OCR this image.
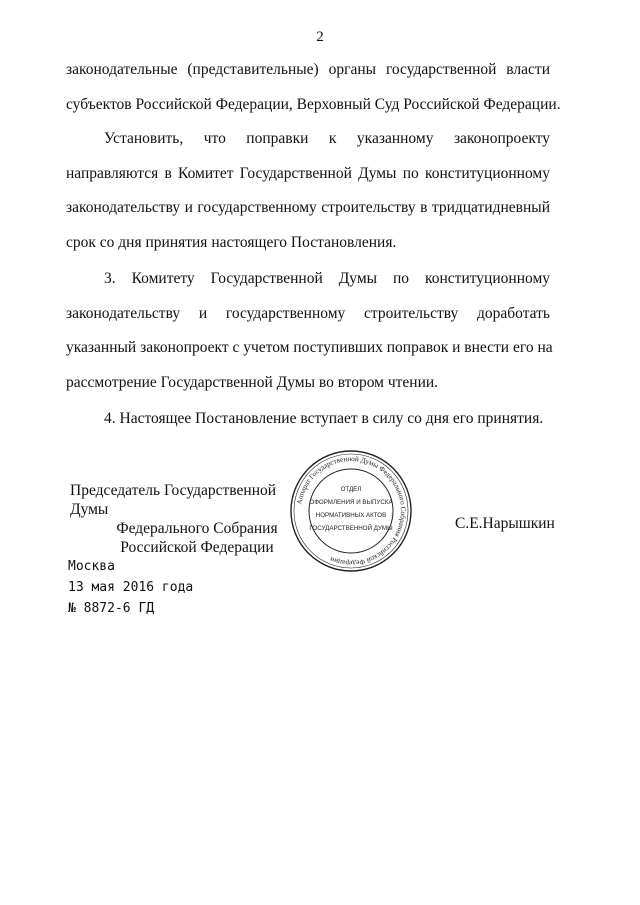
2
законодательные (представительные) органы государственной власти
субъектов Российской Федерации, Верховный Суд Российской Федерации.
Установить, что поправки к указанному законопроекту
направляются в Комитет Государственной Думы по конституционному
законодательству и государственному строительству в тридцатидневный
срок со дня принятия настоящего Постановления.
3. Комитету Государственной Думы по конституционному
законодательству и государственному строительству доработать
указанный законопроект с учетом поступивших поправок и внести его на
рассмотрение Государственной Думы во втором чтении.
4. Настоящее Постановление вступает в силу со дня его принятия.
Председатель Государственной Думы
Федерального Собрания
Российской Федерации
Аппарат Государственной Думы Федерального Собрания Российской Федерации
ОТДЕЛ
ОФОРМЛЕНИЯ И ВЫПУСКА
НОРМАТИВНЫХ АКТОВ
ГОСУДАРСТВЕННОЙ ДУМЫ	С.Е.Нарышкин
Москва
13 мая 2016 года
№ 8872-6 ГД
